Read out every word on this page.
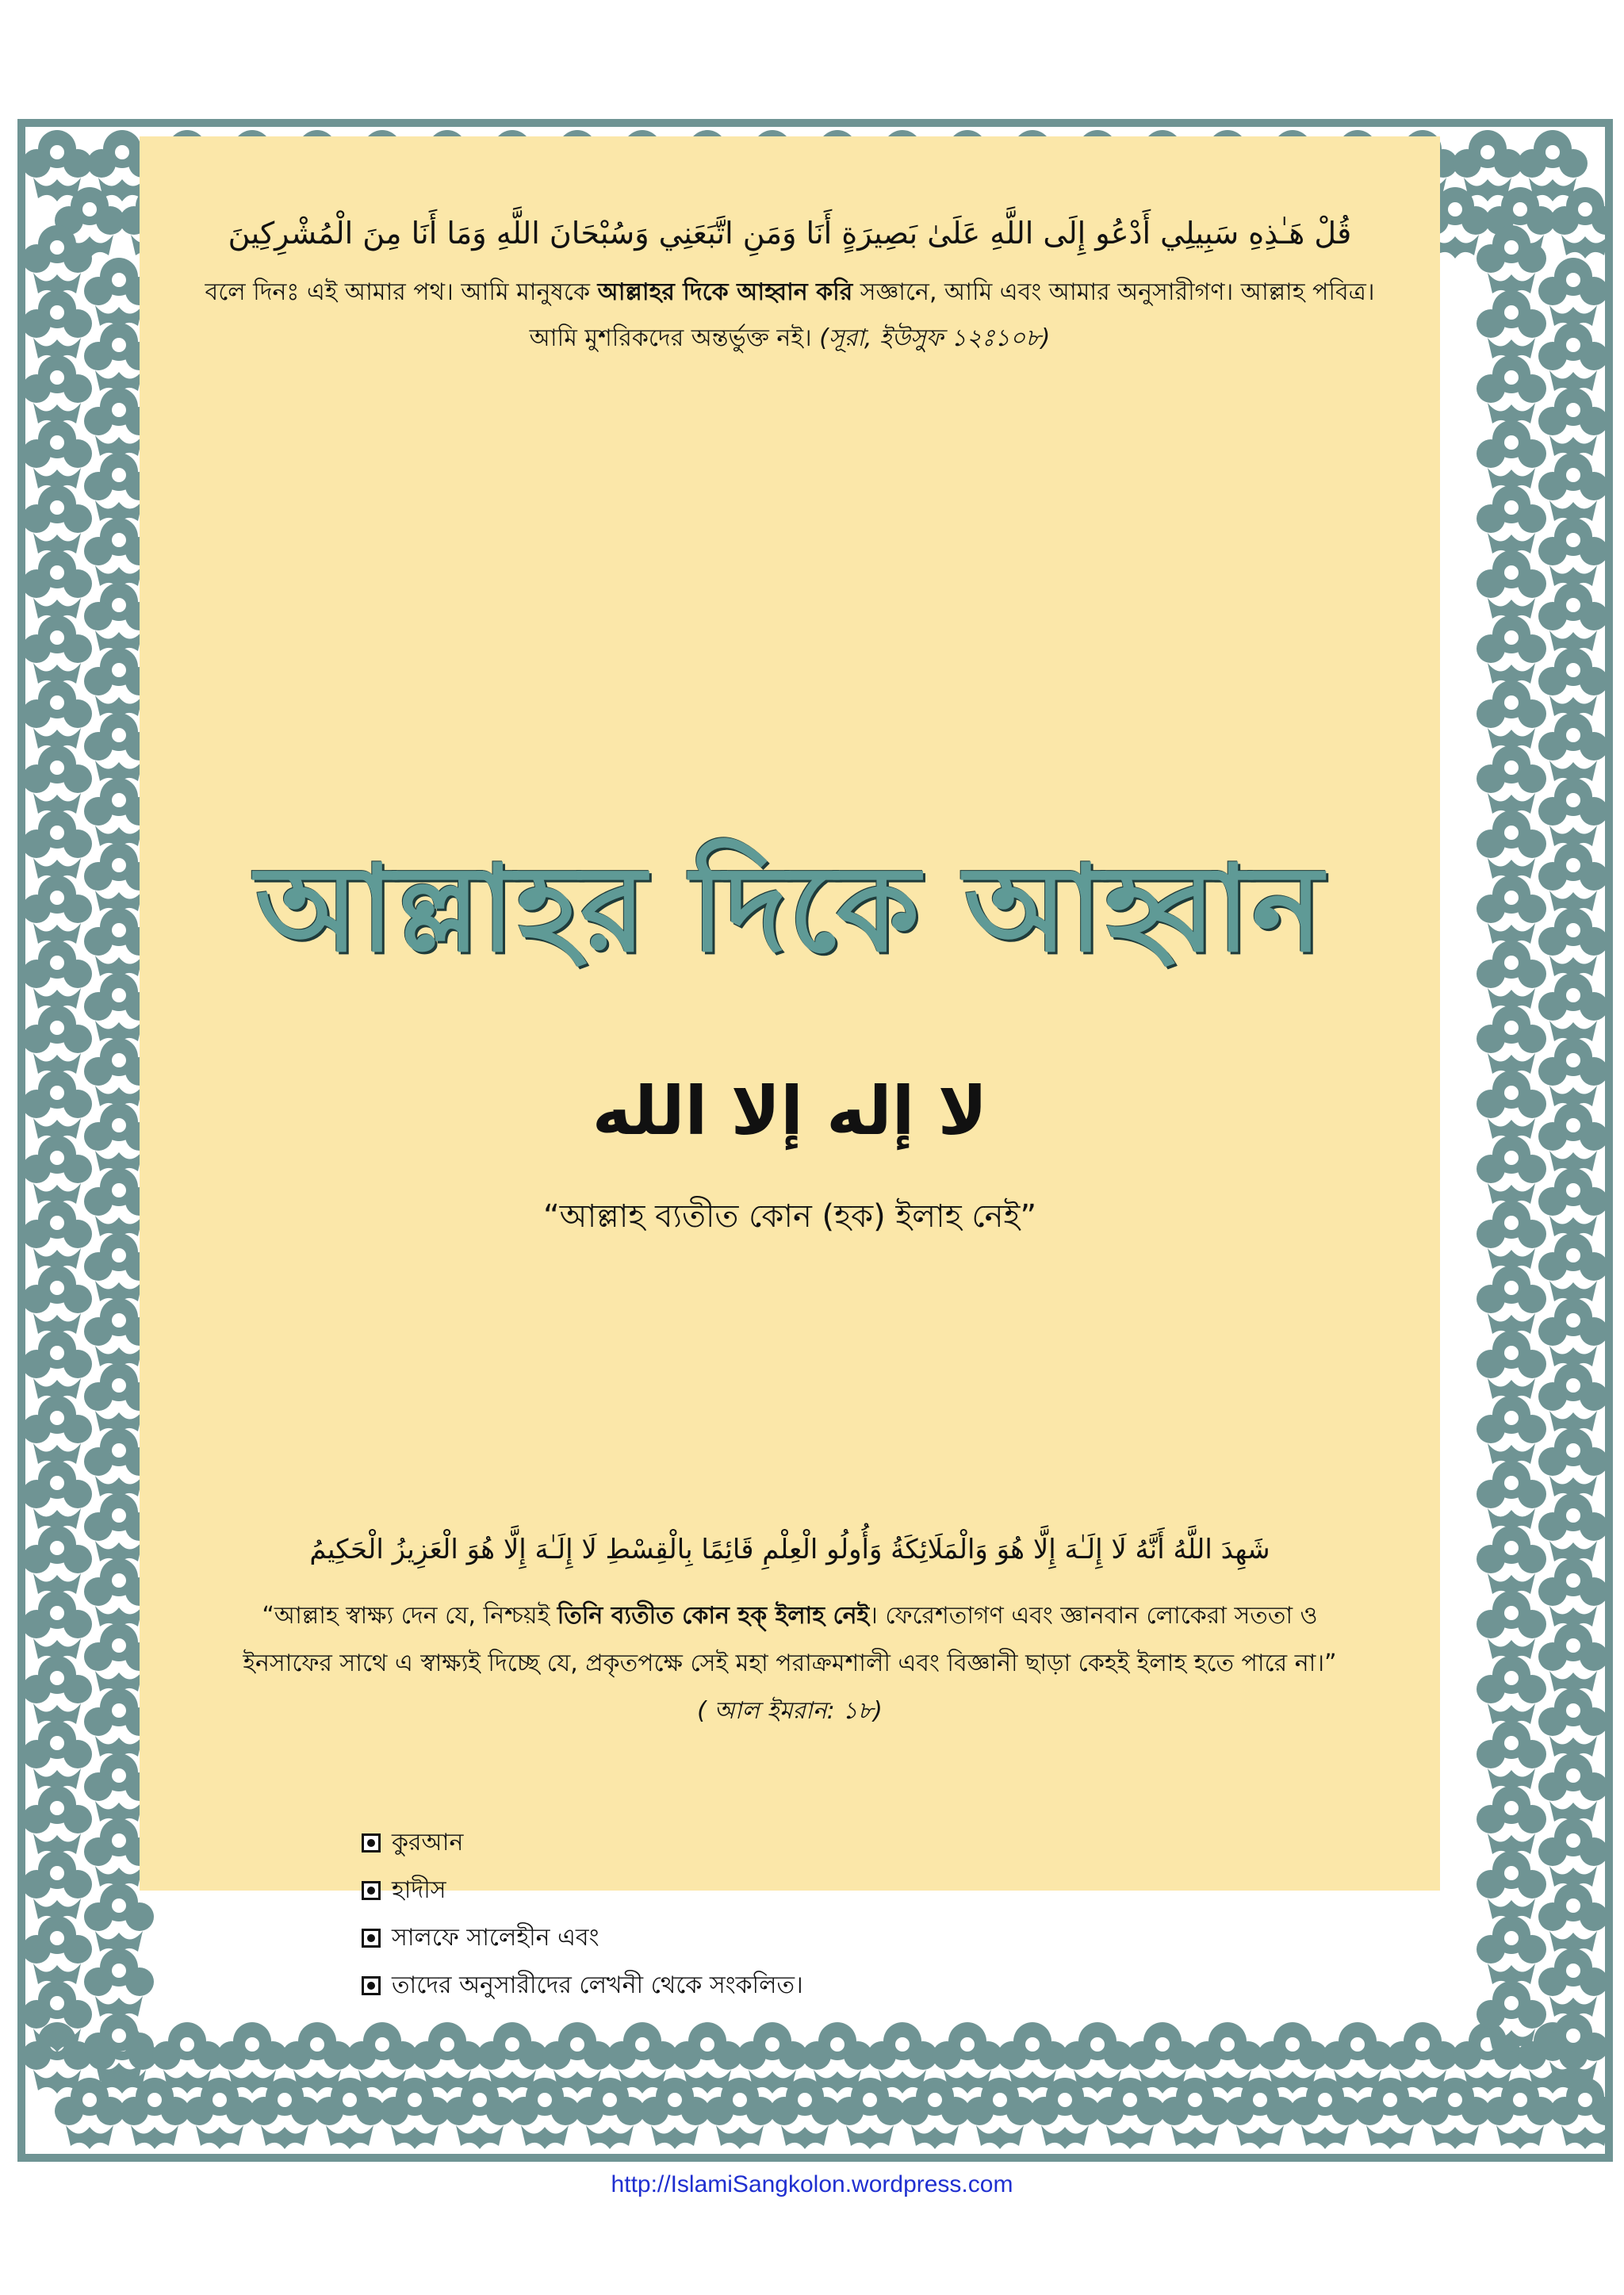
قُلْ هَـٰذِهِ سَبِيلِي أَدْعُو إِلَى اللَّهِ عَلَىٰ بَصِيرَةٍ أَنَا وَمَنِ اتَّبَعَنِي وَسُبْحَانَ اللَّهِ وَمَا أَنَا مِنَ الْمُشْرِكِينَ
বলে দিনঃ এই আমার পথ। আমি মানুষকে আল্লাহর দিকে আহ্বান করি সজ্ঞানে, আমি এবং আমার অনুসারীগণ। আল্লাহ পবিত্র।
আমি মুশরিকদের অন্তর্ভুক্ত নই। (সূরা, ইউসুফ ১২ঃ১০৮)
আল্লাহর দিকে আহ্বান
لا إله إلا الله
“আল্লাহ ব্যতীত কোন (হক) ইলাহ নেই”
شَهِدَ اللَّهُ أَنَّهُ لَا إِلَـٰهَ إِلَّا هُوَ وَالْمَلَائِكَةُ وَأُولُو الْعِلْمِ قَائِمًا بِالْقِسْطِ لَا إِلَـٰهَ إِلَّا هُوَ الْعَزِيزُ الْحَكِيمُ
“আল্লাহ স্বাক্ষ্য দেন যে, নিশ্চয়ই তিনি ব্যতীত কোন হক্ ইলাহ নেই। ফেরেশতাগণ এবং জ্ঞানবান লোকেরা সততা ও
ইনসাফের সাথে এ স্বাক্ষ্যই দিচ্ছে যে, প্রকৃতপক্ষে সেই মহা পরাক্রমশালী এবং বিজ্ঞানী ছাড়া কেহই ইলাহ হতে পারে না।”
( আল ইমরান: ১৮)
কুরআন
হাদীস
সালফে সালেহীন এবং
তাদের অনুসারীদের লেখনী থেকে সংকলিত।
http://IslamiSangkolon.wordpress.com
